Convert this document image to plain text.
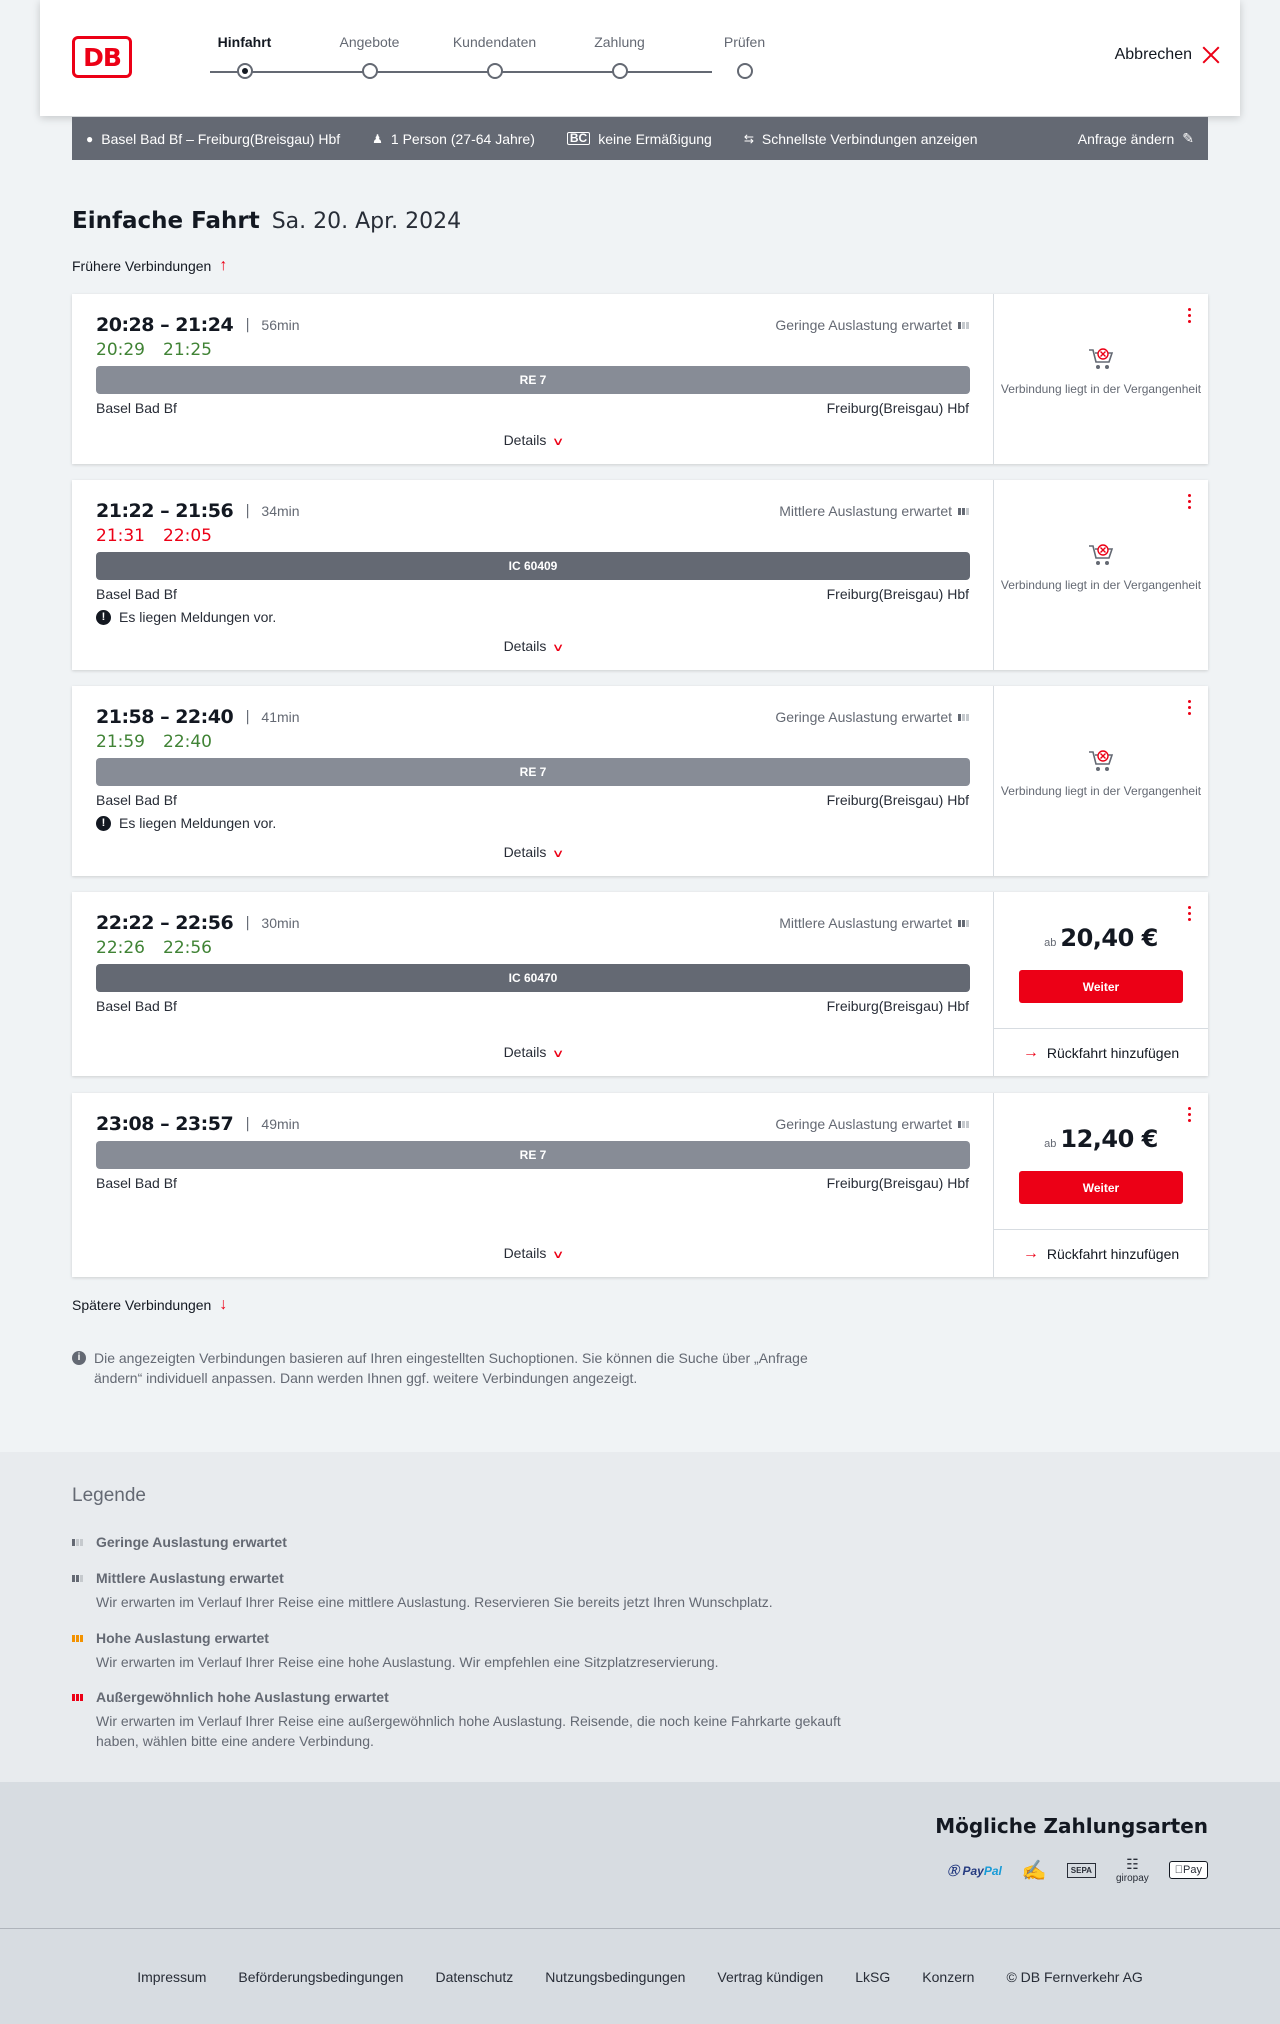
DB
Hinfahrt	Angebote	Kundendaten	Zahlung	Prüfen
Abbrechen
● Basel Bad Bf – Freiburg(Breisgau) Hbf	♟ 1 Person (27-64 Jahre)	BC keine Ermäßigung	⇆ Schnellste Verbindungen anzeigen	Anfrage ändern ✎
Einfache Fahrt Sa. 20. Apr. 2024
Frühere Verbindungen ↑
20:28 – 21:24 | 56min
20:29 21:25
Geringe Auslastung erwartet
RE 7
Basel Bad Bf	Freiburg(Breisgau) Hbf
Details ∨
Verbindung liegt in der Vergangenheit
21:22 – 21:56 | 34min
21:31 22:05
Mittlere Auslastung erwartet
IC 60409
Basel Bad Bf	Freiburg(Breisgau) Hbf
! Es liegen Meldungen vor.
Details ∨
Verbindung liegt in der Vergangenheit
21:58 – 22:40 | 41min
21:59 22:40
Geringe Auslastung erwartet
RE 7
Basel Bad Bf	Freiburg(Breisgau) Hbf
! Es liegen Meldungen vor.
Details ∨
Verbindung liegt in der Vergangenheit
22:22 – 22:56 | 30min
22:26 22:56
Mittlere Auslastung erwartet
IC 60470
Basel Bad Bf	Freiburg(Breisgau) Hbf
Details ∨
ab 20,40 €
Weiter
→ Rückfahrt hinzufügen
23:08 – 23:57 | 49min	Geringe Auslastung erwartet
RE 7
Basel Bad Bf	Freiburg(Breisgau) Hbf
Details ∨
ab 12,40 €
Weiter
→ Rückfahrt hinzufügen
Spätere Verbindungen ↓
i Die angezeigten Verbindungen basieren auf Ihren eingestellten Suchoptionen. Sie können die Suche über „Anfrage ändern“ individuell anpassen. Dann werden Ihnen ggf. weitere Verbindungen angezeigt.
Legende
Geringe Auslastung erwartet
Mittlere Auslastung erwartet
Wir erwarten im Verlauf Ihrer Reise eine mittlere Auslastung. Reservieren Sie bereits jetzt Ihren Wunschplatz.
Hohe Auslastung erwartet
Wir erwarten im Verlauf Ihrer Reise eine hohe Auslastung. Wir empfehlen eine Sitzplatzreservierung.
Außergewöhnlich hohe Auslastung erwartet
Wir erwarten im Verlauf Ihrer Reise eine außergewöhnlich hohe Auslastung. Reisende, die noch keine Fahrkarte gekauft haben, wählen bitte eine andere Verbindung.
Mögliche Zahlungsarten
Ⓡ PayPal	✍	SEPA	☷
giropay
Pay
Impressum Beförderungsbedingungen Datenschutz Nutzungsbedingungen Vertrag kündigen LkSG Konzern © DB Fernverkehr AG
